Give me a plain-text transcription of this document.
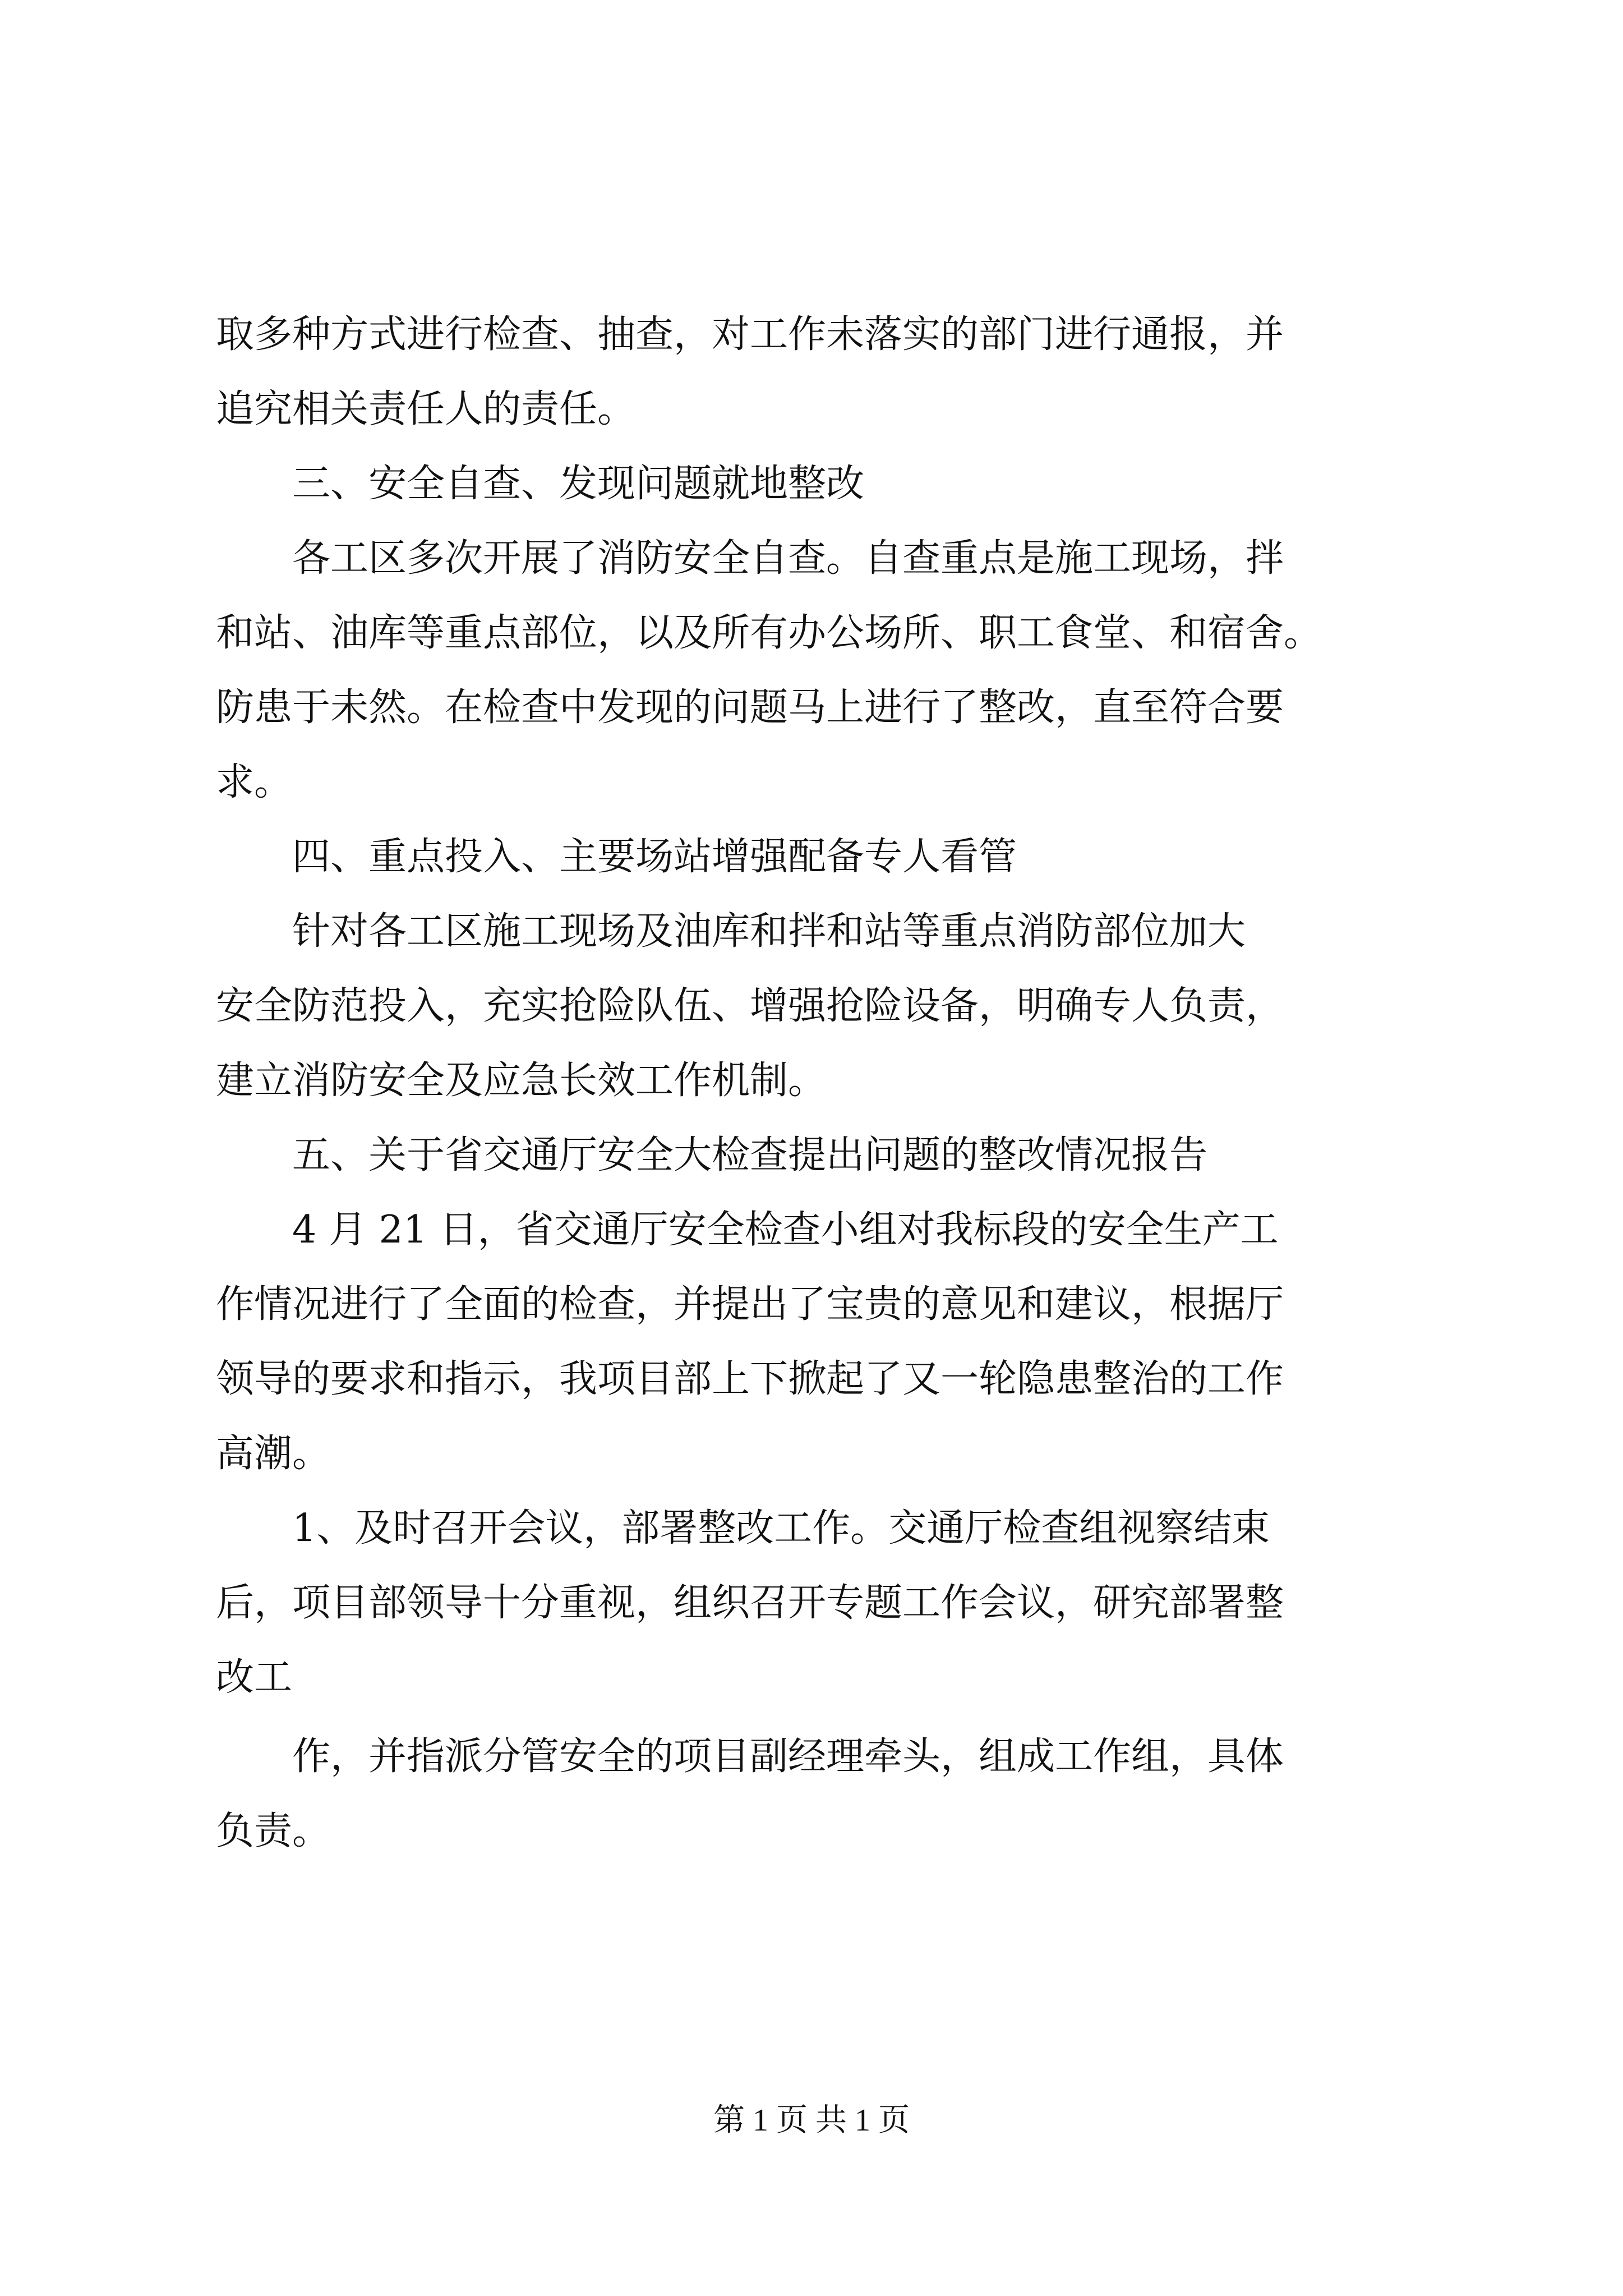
取多种方式进行检查、抽查，对工作未落实的部门进行通报，并
追究相关责任人的责任。
三、安全自查、发现问题就地整改
各工区多次开展了消防安全自查。自查重点是施工现场，拌
和站、油库等重点部位，以及所有办公场所、职工食堂、和宿舍。
防患于未然。在检查中发现的问题马上进行了整改，直至符合要
求。
四、重点投入、主要场站增强配备专人看管
针对各工区施工现场及油库和拌和站等重点消防部位加大
安全防范投入，充实抢险队伍、增强抢险设备，明确专人负责，
建立消防安全及应急长效工作机制。
五、关于省交通厅安全大检查提出问题的整改情况报告
4 月 21 日，省交通厅安全检查小组对我标段的安全生产工
作情况进行了全面的检查，并提出了宝贵的意见和建议，根据厅
领导的要求和指示，我项目部上下掀起了又一轮隐患整治的工作
高潮。
1、及时召开会议，部署整改工作。交通厅检查组视察结束
后，项目部领导十分重视，组织召开专题工作会议，研究部署整
改工
作，并指派分管安全的项目副经理牵头，组成工作组，具体
负责。
第 1 页 共 1 页
